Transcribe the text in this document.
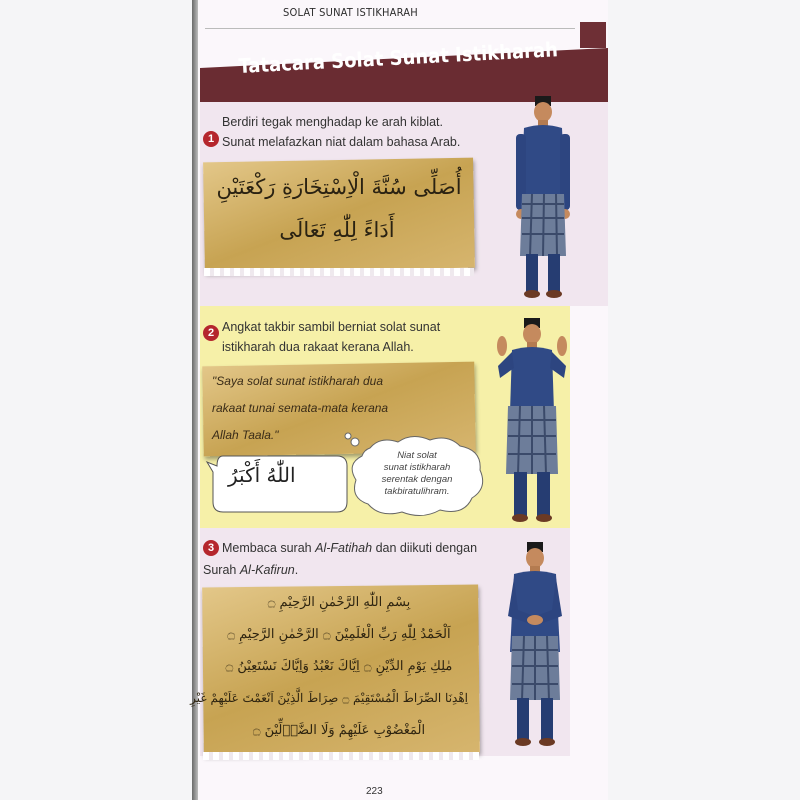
SOLAT SUNAT ISTIKHARAH
Tatacara Solat Sunat Istikharah
1
Berdiri tegak menghadap ke arah kiblat.
Sunat melafazkan niat dalam bahasa Arab.
أُصَلِّى سُنَّةَ الْاِسْتِخَارَةِ رَكْعَتَيْنِ
أَدَاءً لِلّٰهِ تَعَالَى
2 Angkat takbir sambil berniat solat sunat
istikharah dua rakaat kerana Allah.
"Saya solat sunat istikharah dua
rakaat tunai semata-mata kerana
Allah Taala."
اللّٰهُ أَكْبَرُ
Niat solat
sunat istikharah
serentak dengan
takbiratulihram.
3 Membaca surah Al-Fatihah dan diikuti dengan
Surah Al-Kafirun.
بِسْمِ اللّٰهِ الرَّحْمٰنِ الرَّحِيْمِ ۝
اَلْحَمْدُ لِلّٰهِ رَبِّ الْعٰلَمِيْنَ ۝ الرَّحْمٰنِ الرَّحِيْمِ ۝
مٰلِكِ يَوْمِ الدِّيْنِ ۝ اِيَّاكَ نَعْبُدُ وَاِيَّاكَ نَسْتَعِيْنُ ۝
اِهْدِنَا الصِّرَاطَ الْمُسْتَقِيْمَ ۝ صِرَاطَ الَّذِيْنَ اَنْعَمْتَ عَلَيْهِمْ غَيْرِ
الْمَغْضُوْبِ عَلَيْهِمْ وَلَا الضَّاۤلِّيْنَ ۝
223
